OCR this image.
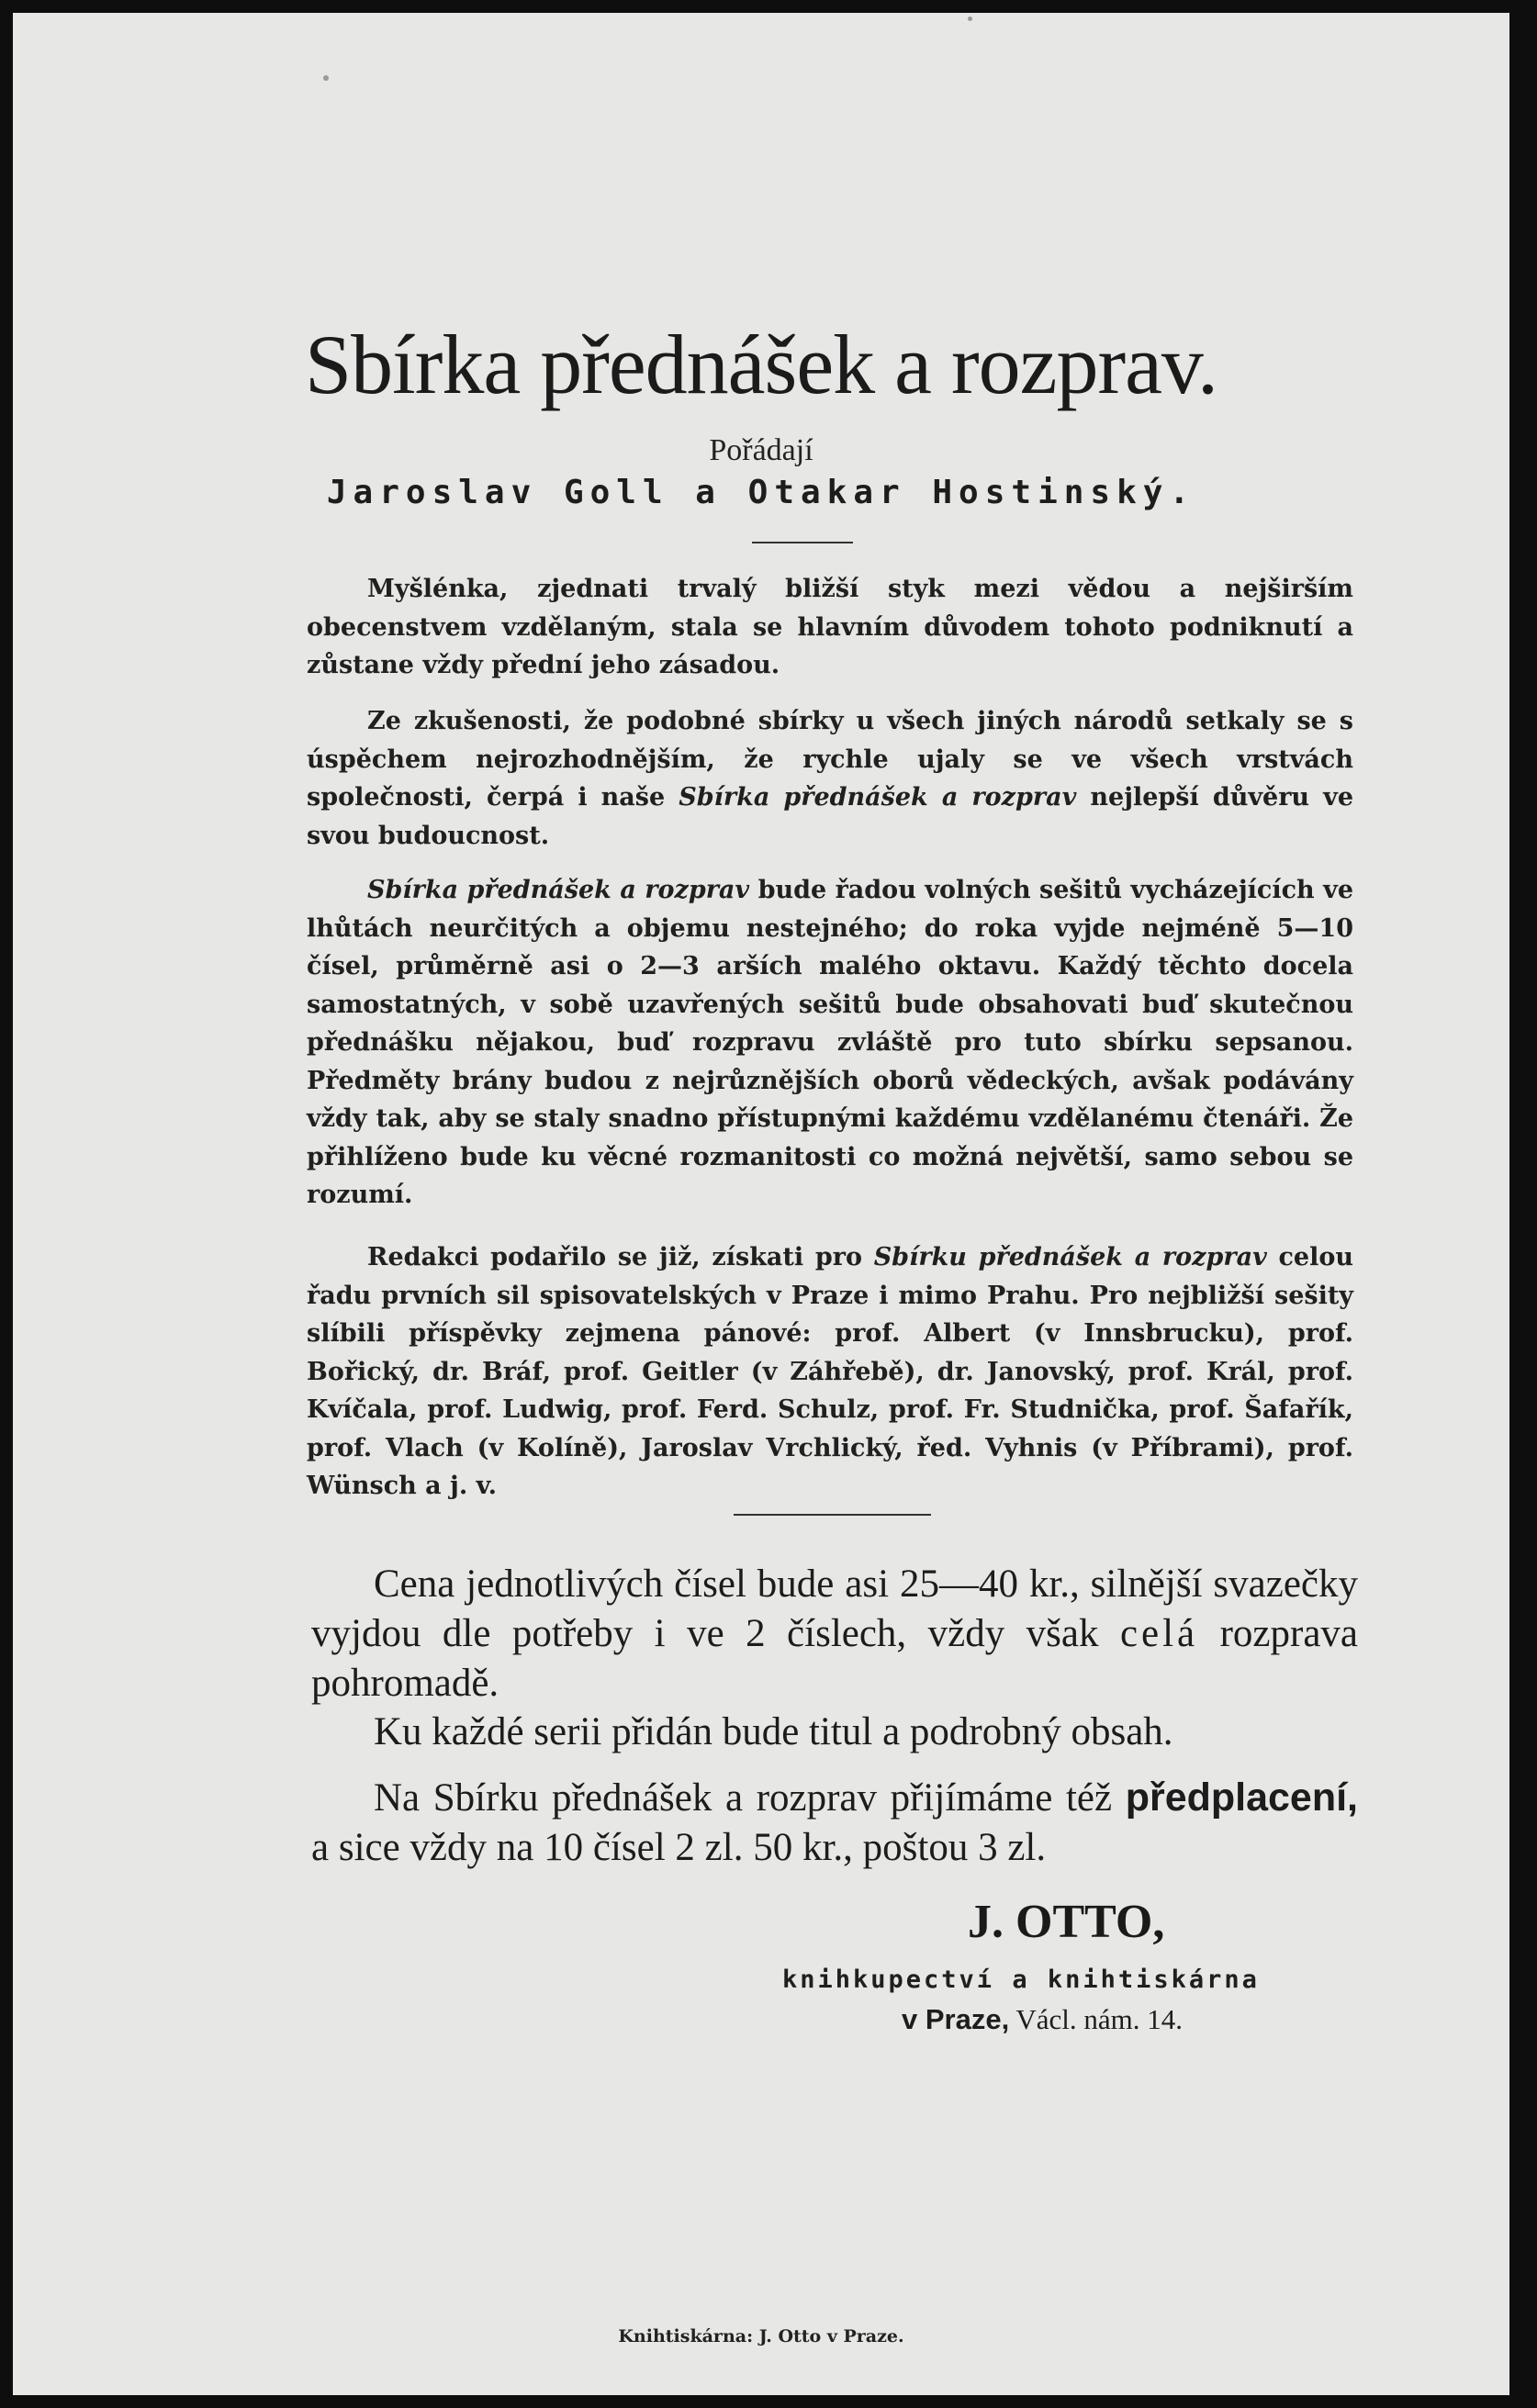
Sbírka přednášek a rozprav.
Pořádají
Jaroslav Goll a Otakar Hostinský.

Myšlénka, zjednati trvalý bližší styk mezi vědou a nejširším obecenstvem vzdělaným, stala se hlavním důvodem tohoto podniknutí a zůstane vždy přední jeho zásadou.

Ze zkušenosti, že podobné sbírky u všech jiných národů setkaly se s úspěchem nejrozhodnějším, že rychle ujaly se ve všech vrstvách společnosti, čerpá i naše Sbírka přednášek a rozprav nejlepší důvěru ve svou budoucnost.

Sbírka přednášek a rozprav bude řadou volných sešitů vycházejících ve lhůtách neurčitých a objemu nestejného; do roka vyjde nejméně 5—10 čísel, průměrně asi o 2—3 arších malého oktavu. Každý těchto docela samostatných, v sobě uzavřených sešitů bude obsahovati buď skutečnou přednášku nějakou, buď rozpravu zvláště pro tuto sbírku sepsanou. Předměty brány budou z nejrůznějších oborů vědeckých, avšak podávány vždy tak, aby se staly snadno přístupnými každému vzdělanému čtenáři. Že přihlíženo bude ku věcné rozmanitosti co možná největší, samo sebou se rozumí.

Redakci podařilo se již, získati pro Sbírku přednášek a rozprav celou řadu prvních sil spisovatelských v Praze i mimo Prahu. Pro nejbližší sešity slíbili příspěvky zejmena pánové: prof. Albert (v Innsbrucku), prof. Bořický, dr. Bráf, prof. Geitler (v Záhřebě), dr. Janovský, prof. Král, prof. Kvíčala, prof. Ludwig, prof. Ferd. Schulz, prof. Fr. Studnička, prof. Šafařík, prof. Vlach (v Kolíně), Jaroslav Vrchlický, řed. Vyhnis (v Příbrami), prof. Wünsch a j. v.

Cena jednotlivých čísel bude asi 25—40 kr., silnější svazečky vyjdou dle potřeby i ve 2 číslech, vždy však celá rozprava pohromadě.

Ku každé serii přidán bude titul a podrobný obsah.

Na Sbírku přednášek a rozprav přijímáme též předplacení, a sice vždy na 10 čísel 2 zl. 50 kr., poštou 3 zl.

J. OTTO,
knihkupectví a knihtiskárna
v Praze, Václ. nám. 14.
Knihtiskárna: J. Otto v Praze.
